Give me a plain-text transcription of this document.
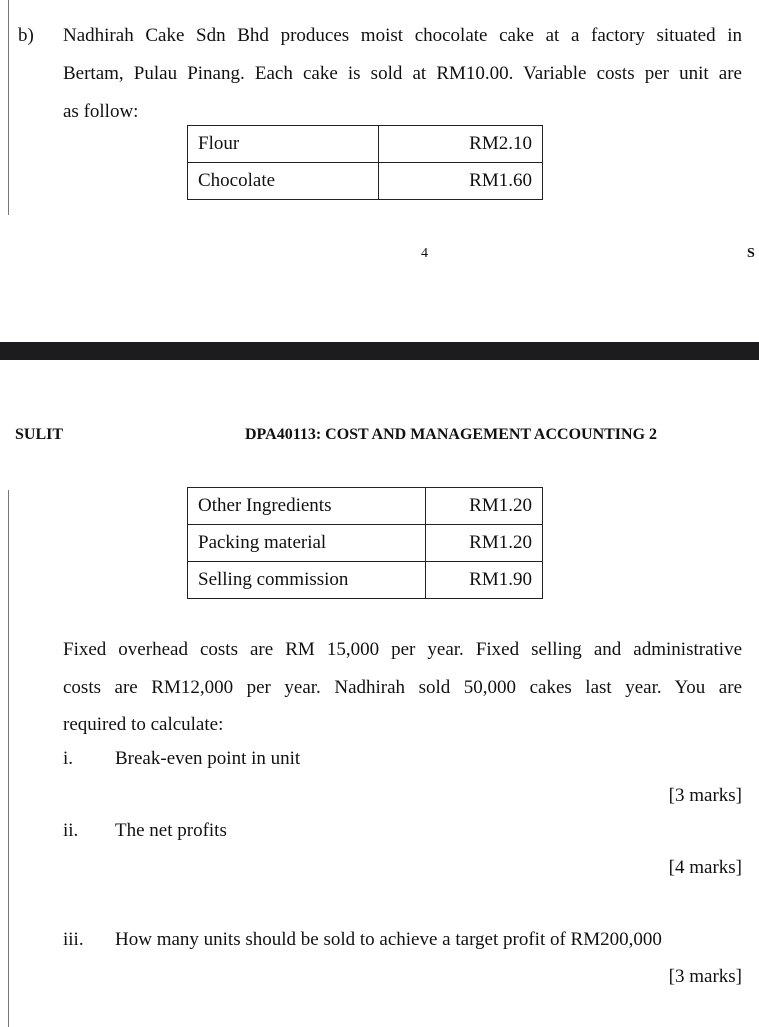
b) Nadhirah Cake Sdn Bhd produces moist chocolate cake at a factory situated in
Bertam, Pulau Pinang. Each cake is sold at RM10.00. Variable costs per unit are
as follow:
Flour	RM2.10
Chocolate	RM1.60
4	S
SULIT	DPA40113: COST AND MANAGEMENT ACCOUNTING 2
Other Ingredients	RM1.20
Packing material	RM1.20
Selling commission	RM1.90
Fixed overhead costs are RM 15,000 per year. Fixed selling and administrative
costs are RM12,000 per year. Nadhirah sold 50,000 cakes last year. You are
required to calculate:
i. Break-even point in unit
[3 marks]
ii. The net profits
[4 marks]
iii. How many units should be sold to achieve a target profit of RM200,000
[3 marks]
